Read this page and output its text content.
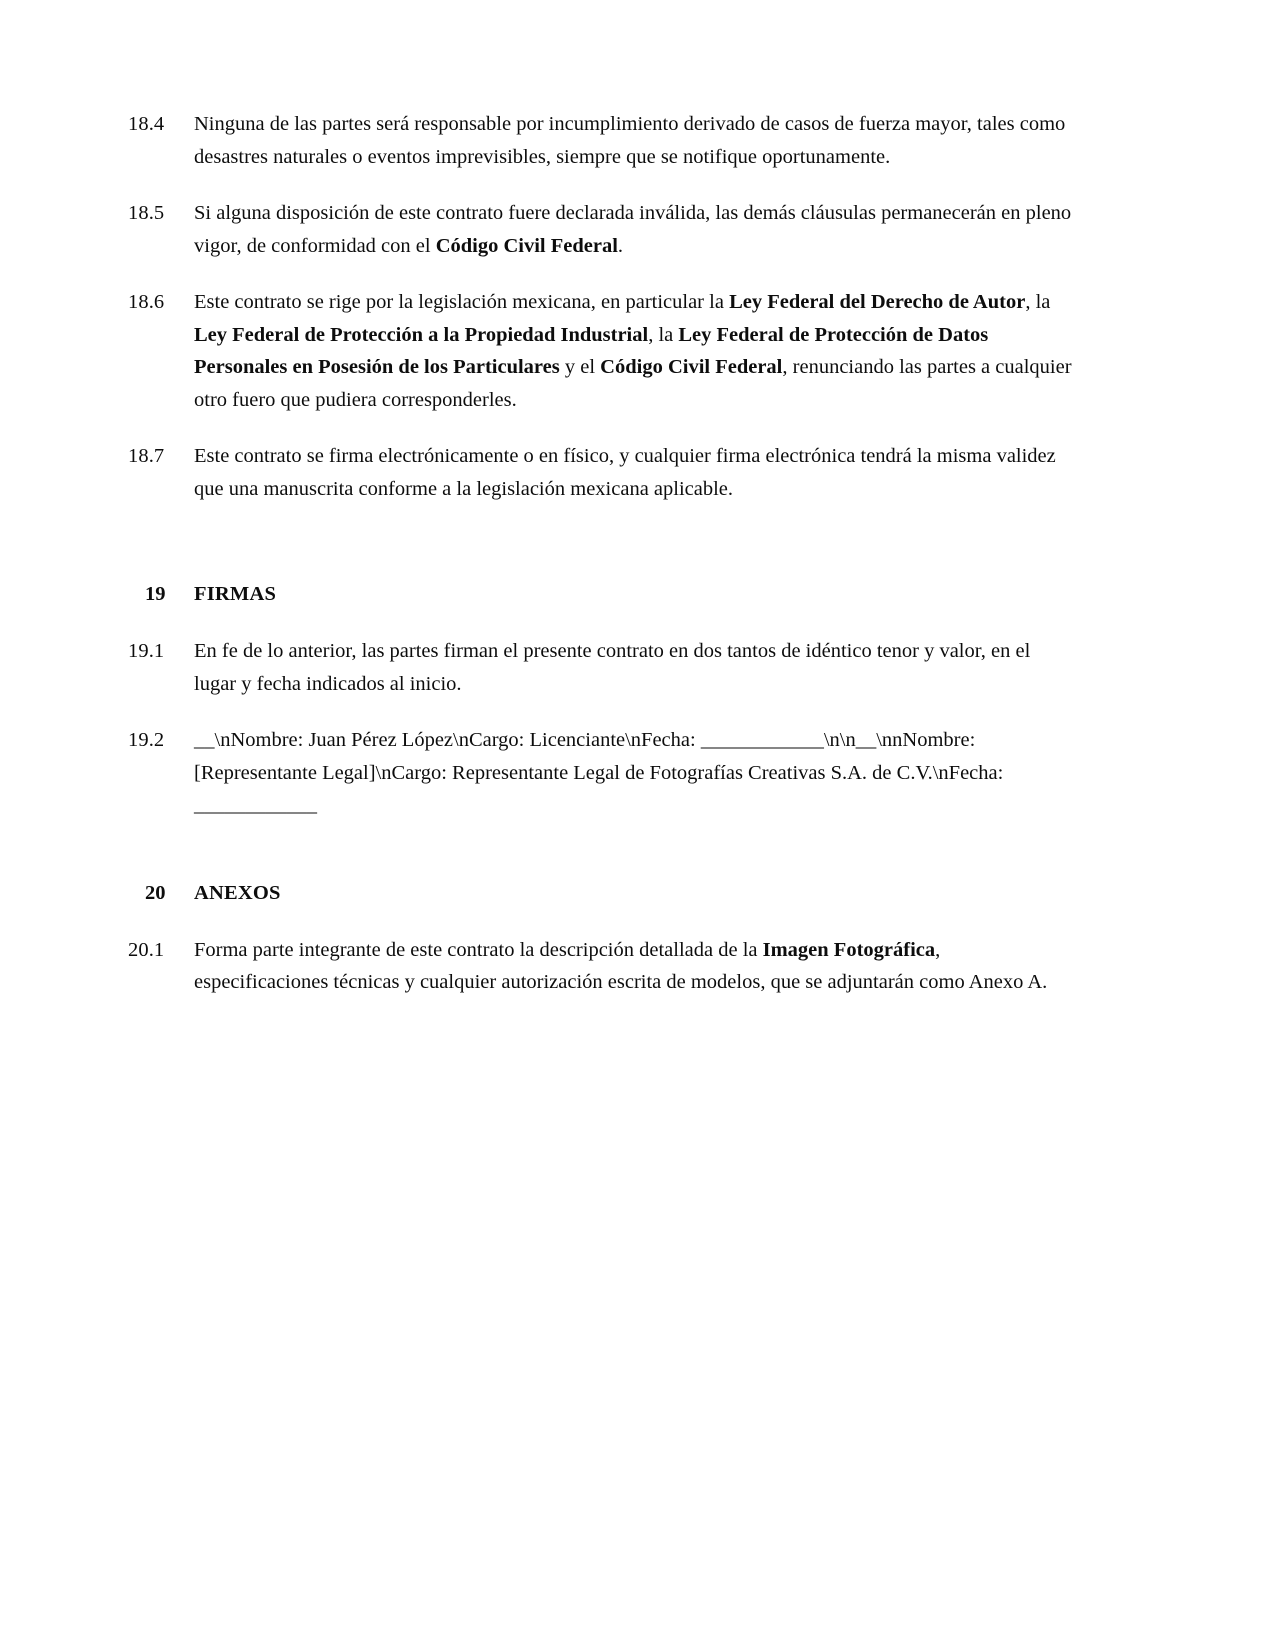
18.4	Ninguna de las partes será responsable por incumplimiento derivado de casos de fuerza mayor, tales como desastres naturales o eventos imprevisibles, siempre que se notifique oportunamente.
18.5	Si alguna disposición de este contrato fuere declarada inválida, las demás cláusulas permanecerán en pleno vigor, de conformidad con el Código Civil Federal.
18.6	Este contrato se rige por la legislación mexicana, en particular la Ley Federal del Derecho de Autor, la Ley Federal de Protección a la Propiedad Industrial, la Ley Federal de Protección de Datos Personales en Posesión de los Particulares y el Código Civil Federal, renunciando las partes a cualquier otro fuero que pudiera corresponderles.
18.7	Este contrato se firma electrónicamente o en físico, y cualquier firma electrónica tendrá la misma validez que una manuscrita conforme a la legislación mexicana aplicable.
19	FIRMAS
19.1	En fe de lo anterior, las partes firman el presente contrato en dos tantos de idéntico tenor y valor, en el lugar y fecha indicados al inicio.
19.2	__\nNombre: Juan Pérez López\nCargo: Licenciante\nFecha: ____________\n\n__\nnNombre: [Representante Legal]\nCargo: Representante Legal de Fotografías Creativas S.A. de C.V.\nFecha: ____________
20	ANEXOS
20.1	Forma parte integrante de este contrato la descripción detallada de la Imagen Fotográfica, especificaciones técnicas y cualquier autorización escrita de modelos, que se adjuntarán como Anexo A.
